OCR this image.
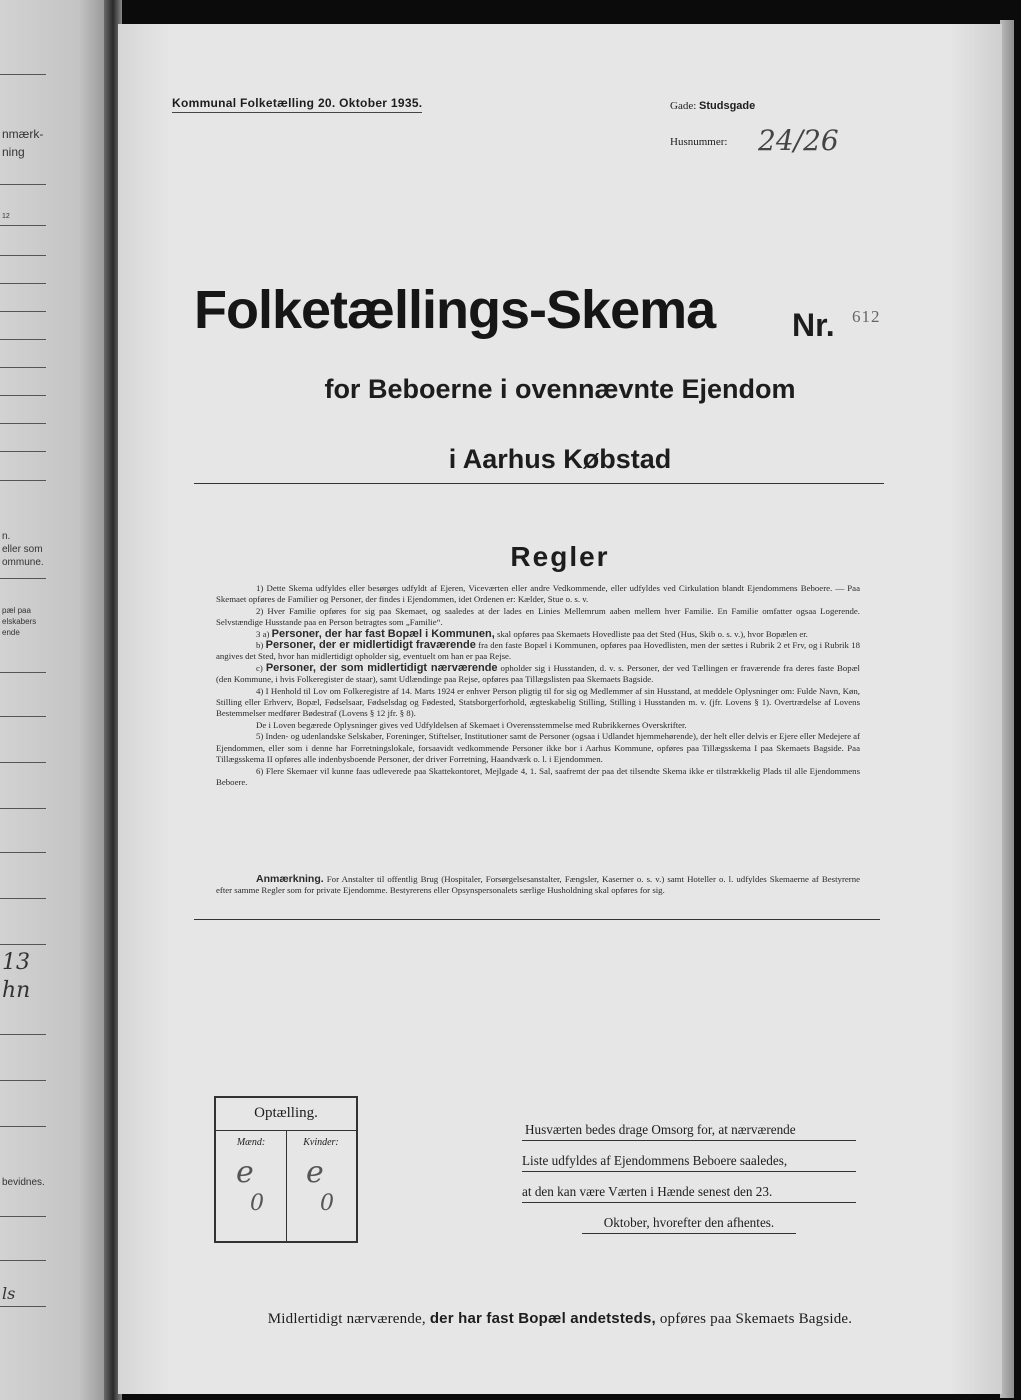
nmærk-
ning
12
n.
eller som
ommune.
pæl paa
elskabers
ende
13
hn
bevidnes.
ls
Kommunal Folketælling 20. Oktober 1935.	Gade: Studsgade
Husnummer: 24/26
Folketællings-Skema Nr. 612
for Beboerne i ovennævnte Ejendom
i Aarhus Købstad
Regler

1) Dette Skema udfyldes eller besørges udfyldt af Ejeren, Viceværten eller andre Vedkommende, eller udfyldes ved Cirkulation blandt Ejendommens Beboere. — Paa Skemaet opføres de Familier og Personer, der findes i Ejendommen, idet Ordenen er: Kælder, Stue o. s. v.

2) Hver Familie opføres for sig paa Skemaet, og saaledes at der lades en Linies Mellemrum aaben mellem hver Familie. En Familie omfatter ogsaa Logerende. Selvstændige Husstande paa en Person betragtes som „Familie“.

3 a) Personer, der har fast Bopæl i Kommunen, skal opføres paa Skemaets Hovedliste paa det Sted (Hus, Skib o. s. v.), hvor Bopælen er.

b) Personer, der er midlertidigt fraværende fra den faste Bopæl i Kommunen, opføres paa Hovedlisten, men der sættes i Rubrik 2 et Frv, og i Rubrik 18 angives det Sted, hvor han midlertidigt opholder sig, eventuelt om han er paa Rejse.

c) Personer, der som midlertidigt nærværende opholder sig i Husstanden, d. v. s. Personer, der ved Tællingen er fraværende fra deres faste Bopæl (den Kommune, i hvis Folkeregister de staar), samt Udlændinge paa Rejse, opføres paa Tillægslisten paa Skemaets Bagside.

4) I Henhold til Lov om Folkeregistre af 14. Marts 1924 er enhver Person pligtig til for sig og Medlemmer af sin Husstand, at meddele Oplysninger om: Fulde Navn, Køn, Stilling eller Erhverv, Bopæl, Fødselsaar, Fødselsdag og Fødested, Statsborgerforhold, ægteskabelig Stilling, Stilling i Husstanden m. v. (jfr. Lovens § 1). Overtrædelse af Lovens Bestemmelser medfører Bødestraf (Lovens § 12 jfr. § 8).

De i Loven begærede Oplysninger gives ved Udfyldelsen af Skemaet i Overensstemmelse med Rubrikkernes Overskrifter.

5) Inden- og udenlandske Selskaber, Foreninger, Stiftelser, Institutioner samt de Personer (ogsaa i Udlandet hjemmehørende), der helt eller delvis er Ejere eller Medejere af Ejendommen, eller som i denne har Forretningslokale, forsaavidt vedkommende Personer ikke bor i Aarhus Kommune, opføres paa Tillægsskema I paa Skemaets Bagside. Paa Tillægsskema II opføres alle indenbysboende Personer, der driver Forretning, Haandværk o. l. i Ejendommen.

6) Flere Skemaer vil kunne faas udleverede paa Skattekontoret, Mejlgade 4, 1. Sal, saafremt der paa det tilsendte Skema ikke er tilstrækkelig Plads til alle Ejendommens Beboere.

Anmærkning. For Anstalter til offentlig Brug (Hospitaler, Forsørgelsesanstalter, Fængsler, Kaserner o. s. v.) samt Hoteller o. l. udfyldes Skemaerne af Bestyrerne efter samme Regler som for private Ejendomme. Bestyrerens eller Opsynspersonalets særlige Husholdning skal opføres for sig.
Optælling.
Mænd:
e
0
Kvinder:
e
0
Husværten bedes drage Omsorg for, at nærværende
Liste udfyldes af Ejendommens Beboere saaledes,
at den kan være Værten i Hænde senest den 23.
Oktober, hvorefter den afhentes.
Midlertidigt nærværende, der har fast Bopæl andetsteds, opføres paa Skemaets Bagside.
